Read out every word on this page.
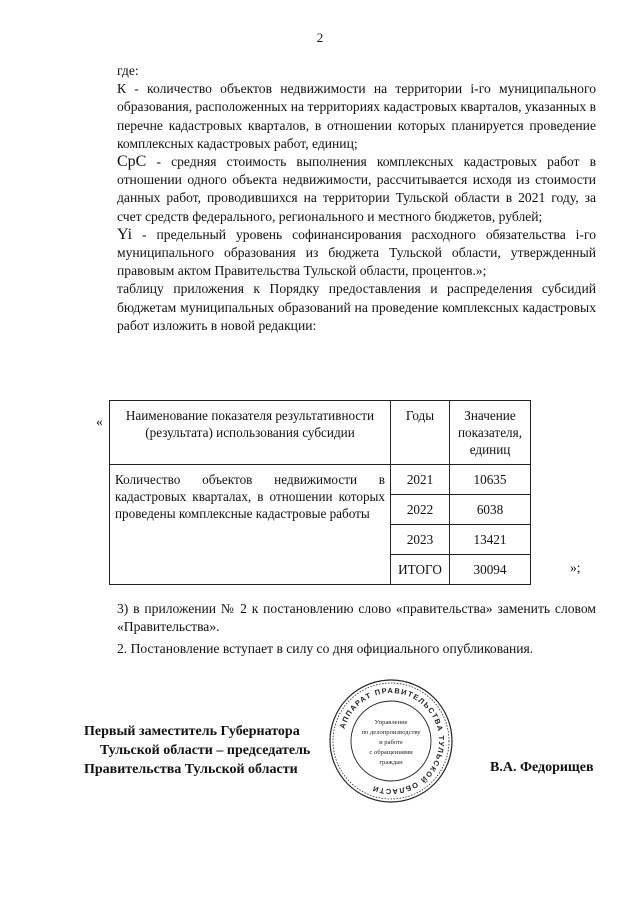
2

где:

К - количество объектов недвижимости на территории i-го муниципального образования, расположенных на территориях кадастровых кварталов, указанных в перечне кадастровых кварталов, в отношении которых планируется проведение комплексных кадастровых работ, единиц;

СрС - средняя стоимость выполнения комплексных кадастровых работ в отношении одного объекта недвижимости, рассчитывается исходя из стоимости данных работ, проводившихся на территории Тульской области в 2021 году, за счет средств федерального, регионального и местного бюджетов, рублей;

Yi - предельный уровень софинансирования расходного обязательства i-го муниципального образования из бюджета Тульской области, утвержденный правовым актом Правительства Тульской области, процентов.»;

таблицу приложения к Порядку предоставления и распределения субсидий бюджетам муниципальных образований на проведение комплексных кадастровых работ изложить в новой редакции:

« Наименование показателя результативности (результата) использования субсидии	Годы	Значение показателя, единиц
Количество объектов недвижимости в кадастровых кварталах, в отношении которых проведены комплексные кадастровые работы	2021	10635
	2022	6038
	2023	13421
	ИТОГО	30094	»;

3) в приложении № 2 к постановлению слово «правительства» заменить словом «Правительства».

2. Постановление вступает в силу со дня официального опубликования.

Первый заместитель Губернатора
Тульской области – председатель
Правительства Тульской области	В.А. Федорищев
АППАРАТ ПРАВИТЕЛЬСТВА ТУЛЬСКОЙ ОБЛАСТИ
Управление
по делопроизводству
и работе
с обращениями
граждан
